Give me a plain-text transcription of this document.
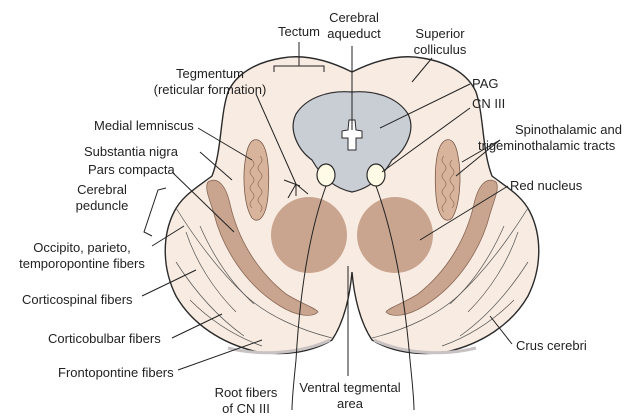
Tectum
Cerebral
aqueduct	Superior
colliculus
PAG
CN III
Tegmentum
(reticular formation)
Medial lemniscus
Substantia nigra
Pars compacta
Cerebral
peduncle
Spinothalamic and
trigeminothalamic tracts
Red nucleus
Occipito, parieto,
temporopontine fibers
Corticospinal fibers
Corticobulbar fibers
Frontopontine fibers
Root fibers
of CN III
Ventral tegmental
area
Crus cerebri
